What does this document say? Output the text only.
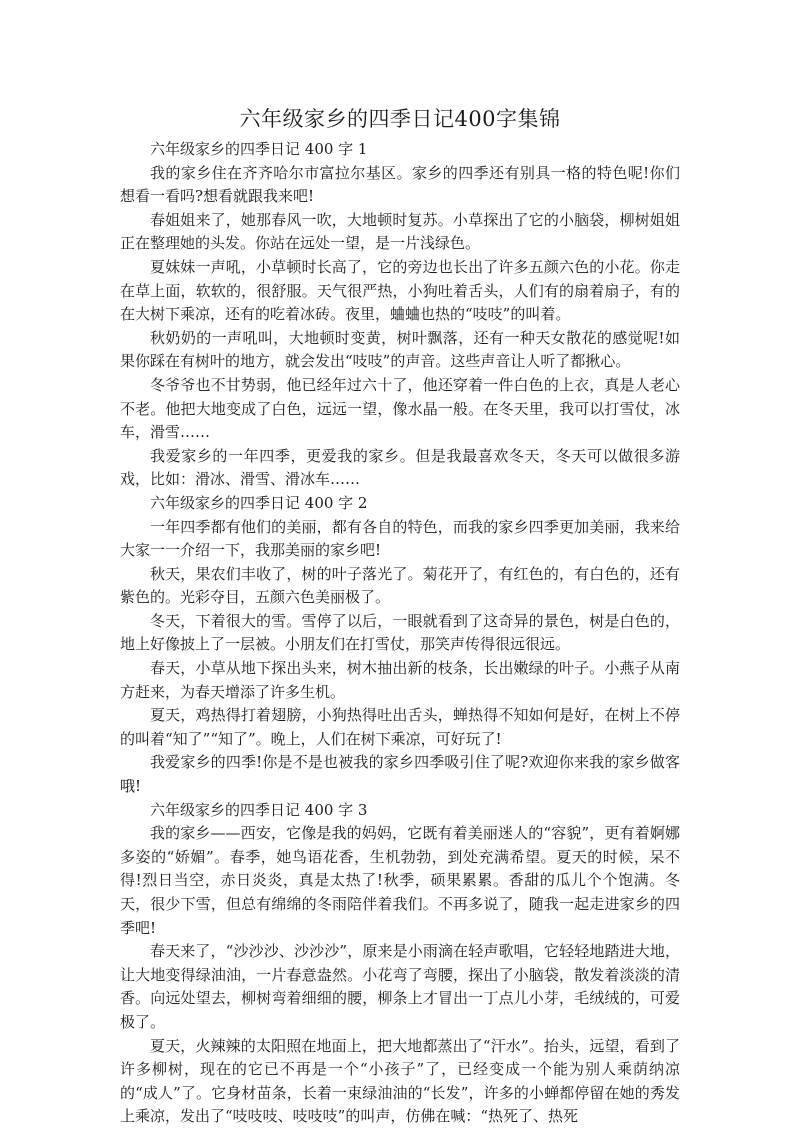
六年级家乡的四季日记400字集锦

六年级家乡的四季日记 400 字 1

我的家乡住在齐齐哈尔市富拉尔基区。家乡的四季还有别具一格的特色呢!你们想看一看吗?想看就跟我来吧!

春姐姐来了，她那春风一吹，大地顿时复苏。小草探出了它的小脑袋，柳树姐姐正在整理她的头发。你站在远处一望，是一片浅绿色。

夏妹妹一声吼，小草顿时长高了，它的旁边也长出了许多五颜六色的小花。你走在草上面，软软的，很舒服。天气很严热，小狗吐着舌头，人们有的扇着扇子，有的在大树下乘凉，还有的吃着冰砖。夜里，蛐蛐也热的“吱吱”的叫着。

秋奶奶的一声吼叫，大地顿时变黄，树叶飘落，还有一种天女散花的感觉呢!如果你踩在有树叶的地方，就会发出“吱吱”的声音。这些声音让人听了都揪心。

冬爷爷也不甘势弱，他已经年过六十了，他还穿着一件白色的上衣，真是人老心不老。他把大地变成了白色，远远一望，像水晶一般。在冬天里，我可以打雪仗，冰车，滑雪……

我爱家乡的一年四季，更爱我的家乡。但是我最喜欢冬天，冬天可以做很多游戏，比如：滑冰、滑雪、滑冰车……

六年级家乡的四季日记 400 字 2

一年四季都有他们的美丽，都有各自的特色，而我的家乡四季更加美丽，我来给大家一一介绍一下，我那美丽的家乡吧!

秋天，果农们丰收了，树的叶子落光了。菊花开了，有红色的，有白色的，还有紫色的。光彩夺目，五颜六色美丽极了。

冬天，下着很大的雪。雪停了以后，一眼就看到了这奇异的景色，树是白色的，地上好像披上了一层被。小朋友们在打雪仗，那笑声传得很远很远。

春天，小草从地下探出头来，树木抽出新的枝条，长出嫩绿的叶子。小燕子从南方赶来，为春天增添了许多生机。

夏天，鸡热得打着翅膀，小狗热得吐出舌头，蝉热得不知如何是好，在树上不停的叫着“知了”“知了”。晚上，人们在树下乘凉，可好玩了!

我爱家乡的四季!你是不是也被我的家乡四季吸引住了呢?欢迎你来我的家乡做客哦!

六年级家乡的四季日记 400 字 3

我的家乡——西安，它像是我的妈妈，它既有着美丽迷人的“容貌”，更有着婀娜多姿的“娇媚”。春季，她鸟语花香，生机勃勃，到处充满希望。夏天的时候，呆不得!烈日当空，赤日炎炎，真是太热了!秋季，硕果累累。香甜的瓜儿个个饱满。冬天，很少下雪，但总有绵绵的冬雨陪伴着我们。不再多说了，随我一起走进家乡的四季吧!

春天来了，“沙沙沙、沙沙沙”，原来是小雨滴在轻声歌唱，它轻轻地踏进大地，让大地变得绿油油，一片春意盎然。小花弯了弯腰，探出了小脑袋，散发着淡淡的清香。向远处望去，柳树弯着细细的腰，柳条上才冒出一丁点儿小芽，毛绒绒的，可爱极了。

夏天，火辣辣的太阳照在地面上，把大地都蒸出了“汗水”。抬头，远望，看到了许多柳树，现在的它已不再是一个“小孩子”了，已经变成一个能为别人乘荫纳凉的“成人”了。它身材苗条，长着一束绿油油的“长发”，许多的小蝉都停留在她的秀发上乘凉，发出了“吱吱吱、吱吱吱”的叫声，仿佛在喊：“热死了、热死
